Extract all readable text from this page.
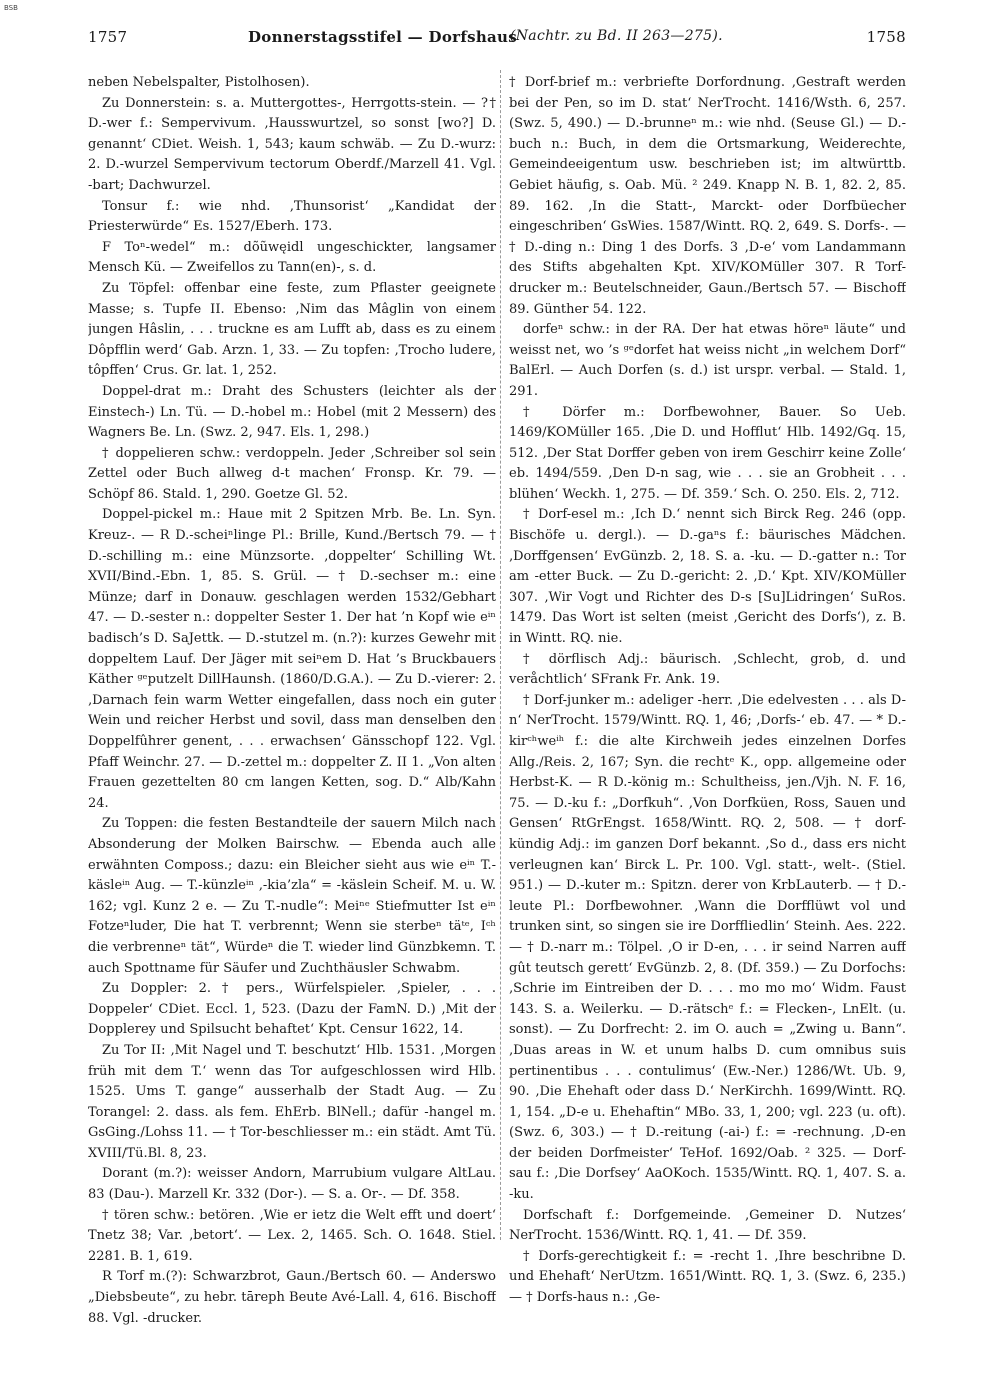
BSB
1757	Donnerstagsstifel — Dorfshaus
(Nachtr. zu Bd. II 263—275).	1758

neben Nebelspalter, Pistolhosen).

Zu Donnerstein: s. a. Muttergottes-, Herrgotts-stein. — ?† D.-wer f.: Sempervivum. ‚Hausswurtzel, so sonst [wo?] D. genannt‘ CDiet. Weish. 1, 543; kaum schwäb. — Zu D.-wurz: 2. D.-wurzel Sempervivum tectorum Oberdf./Marzell 41. Vgl. -bart; Dachwurzel.

Tonsur f.: wie nhd. ‚Thunsorist‘ „Kandidat der Priesterwürde“ Es. 1527/Eberh. 173.

F Toⁿ-wedel“ m.: dõũwęidl ungeschickter, langsamer Mensch Kü. — Zweifellos zu Tann(en)-, s. d.

Zu Töpfel: offenbar eine feste, zum Pflaster geeignete Masse; s. Tupfe II. Ebenso: ‚Nim das Mâglin von einem jungen Hâslin, . . . truckne es am Lufft ab, dass es zu einem Dôpfflin werd‘ Gab. Arzn. 1, 33. — Zu topfen: ‚Trocho ludere, tôpffen‘ Crus. Gr. lat. 1, 252.

Doppel-drat m.: Draht des Schusters (leichter als der Einstech-) Ln. Tü. — D.-hobel m.: Hobel (mit 2 Messern) des Wagners Be. Ln. (Swz. 2, 947. Els. 1, 298.)

† doppelieren schw.: verdoppeln. Jeder ‚Schreiber sol sein Zettel oder Buch allweg d-t machen‘ Fronsp. Kr. 79. — Schöpf 86. Stald. 1, 290. Goetze Gl. 52.

Doppel-pickel m.: Haue mit 2 Spitzen Mrb. Be. Ln. Syn. Kreuz-. — R D.-scheiⁿlinge Pl.: Brille, Kund./Bertsch 79. — † D.-schilling m.: eine Münzsorte. ‚doppelter‘ Schilling Wt. XVII/Bind.-Ebn. 1, 85. S. Grül. — † D.-sechser m.: eine Münze; darf in Donauw. geschlagen werden 1532/Gebhart 47. — D.-sester n.: doppelter Sester 1. Der hat ’n Kopf wie eⁱⁿ badisch’s D. SaJettk. — D.-stutzel m. (n.?): kurzes Gewehr mit doppeltem Lauf. Der Jäger mit seiⁿem D. Hat ’s Bruckbauers Käther ᵍᵉputzelt DillHaunsh. (1860/D.G.A.). — Zu D.-vierer: 2. ‚Darnach fein warm Wetter eingefallen, dass noch ein guter Wein und reicher Herbst und sovil, dass man denselben den Doppelfûhrer genent, . . . erwachsen‘ Gänsschopf 122. Vgl. Pfaff Weinchr. 27. — D.-zettel m.: doppelter Z. II 1. „Von alten Frauen gezettelten 80 cm langen Ketten, sog. D.“ Alb/Kahn 24.

Zu Toppen: die festen Bestandteile der sauern Milch nach Absonderung der Molken Bairschw. — Ebenda auch alle erwähnten Composs.; dazu: ein Bleicher sieht aus wie eⁱⁿ T.-käsleⁱⁿ Aug. — T.-künzleⁱⁿ ‚-kia’zla“ = -käslein Scheif. M. u. W. 162; vgl. Kunz 2 e. — Zu T.-nudle“: Meiⁿᵉ Stiefmutter Ist eⁱⁿ Fotzeⁿluder, Die hat T. verbrennt; Wenn sie sterbeⁿ täᵗᵉ, Iᶜʰ die verbrenneⁿ tät“, Würdeⁿ die T. wieder lind Günzbkemn. T. auch Spottname für Säufer und Zuchthäusler Schwabm.

Zu Doppler: 2. † pers., Würfelspieler. ‚Spieler, . . . Doppeler‘ CDiet. Eccl. 1, 523. (Dazu der FamN. D.) ‚Mit der Dopplerey und Spilsucht behaftet‘ Kpt. Censur 1622, 14.

Zu Tor II: ‚Mit Nagel und T. beschutzt‘ Hlb. 1531. ‚Morgen früh mit dem T.‘ wenn das Tor aufgeschlossen wird Hlb. 1525. Ums T. gange“ ausserhalb der Stadt Aug. — Zu Torangel: 2. dass. als fem. EhErb. BlNell.; dafür -hangel m. GsGing./Lohss 11. — † Tor-beschliesser m.: ein städt. Amt Tü. XVIII/Tü.Bl. 8, 23.

Dorant (m.?): weisser Andorn, Marrubium vulgare AltLau. 83 (Dau-). Marzell Kr. 332 (Dor-). — S. a. Or-. — Df. 358.

† tören schw.: betören. ‚Wie er ietz die Welt efft und doert‘ Tnetz 38; Var. ‚betort‘. — Lex. 2, 1465. Sch. O. 1648. Stiel. 2281. B. 1, 619.

R Torf m.(?): Schwarzbrot, Gaun./Bertsch 60. — Anderswo „Diebsbeute“, zu hebr. tāreph Beute Avé-Lall. 4, 616. Bischoff 88. Vgl. -drucker.

† Dorf-brief m.: verbriefte Dorfordnung. ‚Gestraft werden bei der Pen, so im D. stat‘ NerTrocht. 1416/Wsth. 6, 257. (Swz. 5, 490.) — D.-brunneⁿ m.: wie nhd. (Seuse Gl.) — D.-buch n.: Buch, in dem die Ortsmarkung, Weiderechte, Gemeindeeigentum usw. beschrieben ist; im altwürttb. Gebiet häufig, s. Oab. Mü. ² 249. Knapp N. B. 1, 82. 2, 85. 89. 162. ‚In die Statt-, Marckt- oder Dorfbüecher eingeschriben‘ GsWies. 1587/Wintt. RQ. 2, 649. S. Dorfs-. — † D.-ding n.: Ding 1 des Dorfs. 3 ‚D-e‘ vom Landammann des Stifts abgehalten Kpt. XIV/KOMüller 307. R Torf-drucker m.: Beutelschneider, Gaun./Bertsch 57. — Bischoff 89. Günther 54. 122.

dorfeⁿ schw.: in der RA. Der hat etwas höreⁿ läute“ und weisst net, wo ’s ᵍᵉdorfet hat weiss nicht „in welchem Dorf“ BalErl. — Auch Dorfen (s. d.) ist urspr. verbal. — Stald. 1, 291.

† Dörfer m.: Dorfbewohner, Bauer. So Ueb. 1469/KOMüller 165. ‚Die D. und Hofflut‘ Hlb. 1492/Gq. 15, 512. ‚Der Stat Dorffer geben von irem Geschirr keine Zolle‘ eb. 1494/559. ‚Den D-n sag, wie . . . sie an Grobheit . . . blühen‘ Weckh. 1, 275. — Df. 359.‘ Sch. O. 250. Els. 2, 712.

† Dorf-esel m.: ‚Ich D.‘ nennt sich Birck Reg. 246 (opp. Bischöfe u. dergl.). — D.-gaⁿs f.: bäurisches Mädchen. ‚Dorffgensen‘ EvGünzb. 2, 18. S. a. -ku. — D.-gatter n.: Tor am -etter Buck. — Zu D.-gericht: 2. ‚D.‘ Kpt. XIV/KOMüller 307. ‚Wir Vogt und Richter des D-s [Su]Lidringen‘ SuRos. 1479. Das Wort ist selten (meist ‚Gericht des Dorfs‘), z. B. in Wintt. RQ. nie.

† dörflisch Adj.: bäurisch. ‚Schlecht, grob, d. und veråchtlich‘ SFrank Fr. Ank. 19.

† Dorf-junker m.: adeliger -herr. ‚Die edelvesten . . . als D-n‘ NerTrocht. 1579/Wintt. RQ. 1, 46; ‚Dorfs-‘ eb. 47. — * D.-kirᶜʰweⁱʰ f.: die alte Kirchweih jedes einzelnen Dorfes Allg./Reis. 2, 167; Syn. die rechtᵉ K., opp. allgemeine oder Herbst-K. — R D.-könig m.: Schultheiss, jen./Vjh. N. F. 16, 75. — D.-ku f.: „Dorfkuh“. ‚Von Dorfküen, Ross, Sauen und Gensen‘ RtGrEngst. 1658/Wintt. RQ. 2, 508. — † dorf-kündig Adj.: im ganzen Dorf bekannt. ‚So d., dass ers nicht verleugnen kan‘ Birck L. Pr. 100. Vgl. statt-, welt-. (Stiel. 951.) — D.-kuter m.: Spitzn. derer von KrbLauterb. — † D.-leute Pl.: Dorfbewohner. ‚Wann die Dorfflüwt vol und trunken sint, so singen sie ire Dorffliedlin‘ Steinh. Aes. 222. — † D.-narr m.: Tölpel. ‚O ir D-en, . . . ir seind Narren auff gût teutsch gerett‘ EvGünzb. 2, 8. (Df. 359.) — Zu Dorfochs: ‚Schrie im Eintreiben der D. . . . mo mo mo‘ Widm. Faust 143. S. a. Weilerku. — D.-rätschᵉ f.: = Flecken-, LnElt. (u. sonst). — Zu Dorfrecht: 2. im O. auch = „Zwing u. Bann“. ‚Duas areas in W. et unum halbs D. cum omnibus suis pertinentibus . . . contulimus‘ (Ew.-Ner.) 1286/Wt. Ub. 9, 90. ‚Die Ehehaft oder dass D.‘ NerKirchh. 1699/Wintt. RQ. 1, 154. „D-e u. Ehehaftin“ MBo. 33, 1, 200; vgl. 223 (u. oft). (Swz. 6, 303.) — † D.-reitung (-ai-) f.: = -rechnung. ‚D-en der beiden Dorfmeister‘ TeHof. 1692/Oab. ² 325. — Dorf-sau f.: ‚Die Dorfsey‘ AaOKoch. 1535/Wintt. RQ. 1, 407. S. a. -ku.

Dorfschaft f.: Dorfgemeinde. ‚Gemeiner D. Nutzes‘ NerTrocht. 1536/Wintt. RQ. 1, 41. — Df. 359.

† Dorfs-gerechtigkeit f.: = -recht 1. ‚Ihre beschribne D. und Ehehaft‘ NerUtzm. 1651/Wintt. RQ. 1, 3. (Swz. 6, 235.) — † Dorfs-haus n.: ‚Ge-
